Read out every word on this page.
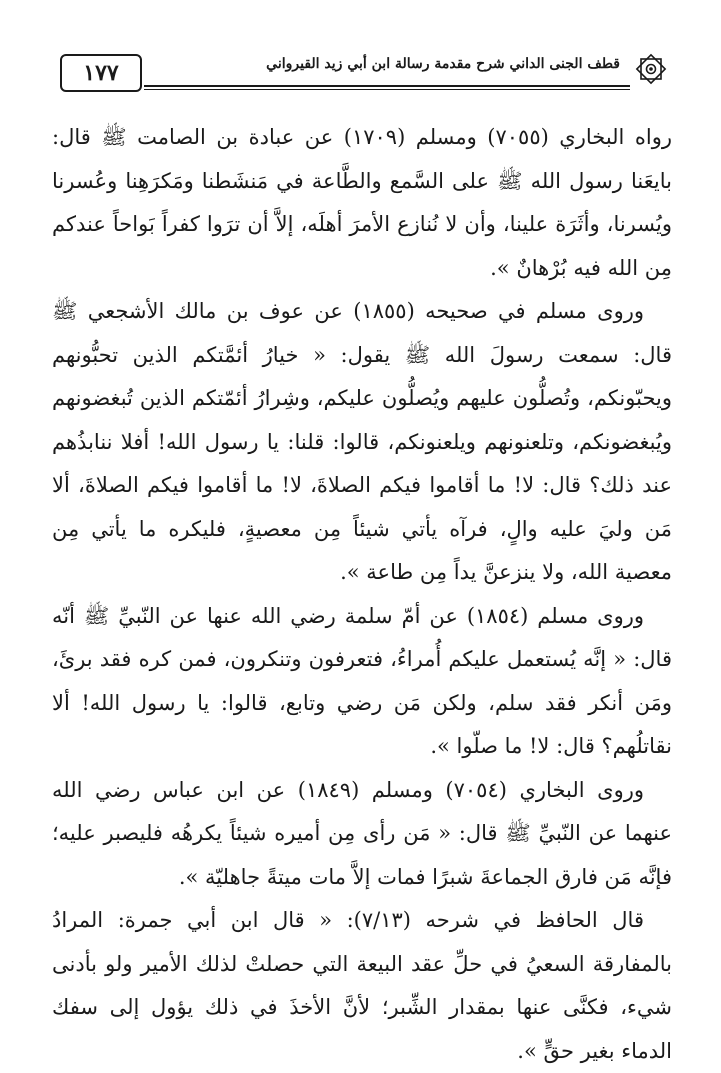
١٧٧	قطف الجنى الداني شرح مقدمة رسالة ابن أبي زيد القيرواني

رواه البخاري (٧٠٥٥) ومسلم (١٧٠٩) عن عبادة بن الصامت ﷺ قال: بايعَنا رسول الله ﷺ على السَّمع والطَّاعة في مَنشَطنا ومَكرَهِنا وعُسرنا ويُسرنا، وأثَرَة علينا، وأن لا نُنازع الأمرَ أهلَه، إلاَّ أن ترَوا كفراً بَواحاً عندكم مِن الله فيه بُرْهانٌ ».

وروى مسلم في صحيحه (١٨٥٥) عن عوف بن مالك الأشجعي ﷺ قال: سمعت رسولَ الله ﷺ يقول: « خيارُ أئمَّتكم الذين تحبُّونهم ويحبّونكم، وتُصلُّون عليهم ويُصلُّون عليكم، وشِرارُ أئمّتكم الذين تُبغضونهم ويُبغضونكم، وتلعنونهم ويلعنونكم، قالوا: قلنا: يا رسول الله! أفلا ننابذُهم عند ذلك؟ قال: لا! ما أقاموا فيكم الصلاةَ، لا! ما أقاموا فيكم الصلاةَ، ألا مَن وليَ عليه والٍ، فرآه يأتي شيئاً مِن معصيةٍ، فليكره ما يأتي مِن معصية الله، ولا ينزعنَّ يداً مِن طاعة ».

وروى مسلم (١٨٥٤) عن أمّ سلمة رضي الله عنها عن النّبيِّ ﷺ أنّه قال: « إنَّه يُستعمل عليكم أُمراءُ، فتعرفون وتنكرون، فمن كره فقد برئَ، ومَن أنكر فقد سلم، ولكن مَن رضي وتابع، قالوا: يا رسول الله! ألا نقاتلُهم؟ قال: لا! ما صلّوا ».

وروى البخاري (٧٠٥٤) ومسلم (١٨٤٩) عن ابن عباس رضي الله عنهما عن النّبيِّ ﷺ قال: « مَن رأى مِن أميره شيئاً يكرهُه فليصبر عليه؛ فإنَّه مَن فارق الجماعةَ شبرًا فمات إلاَّ مات ميتةً جاهليّة ».

قال الحافظ في شرحه (٧/١٣): « قال ابن أبي جمرة: المرادُ بالمفارقة السعيُ في حلِّ عقد البيعة التي حصلتْ لذلك الأمير ولو بأدنى شيء، فكنَّى عنها بمقدار الشِّبر؛ لأنَّ الأخذَ في ذلك يؤول إلى سفك الدماء بغير حقٍّ ».
